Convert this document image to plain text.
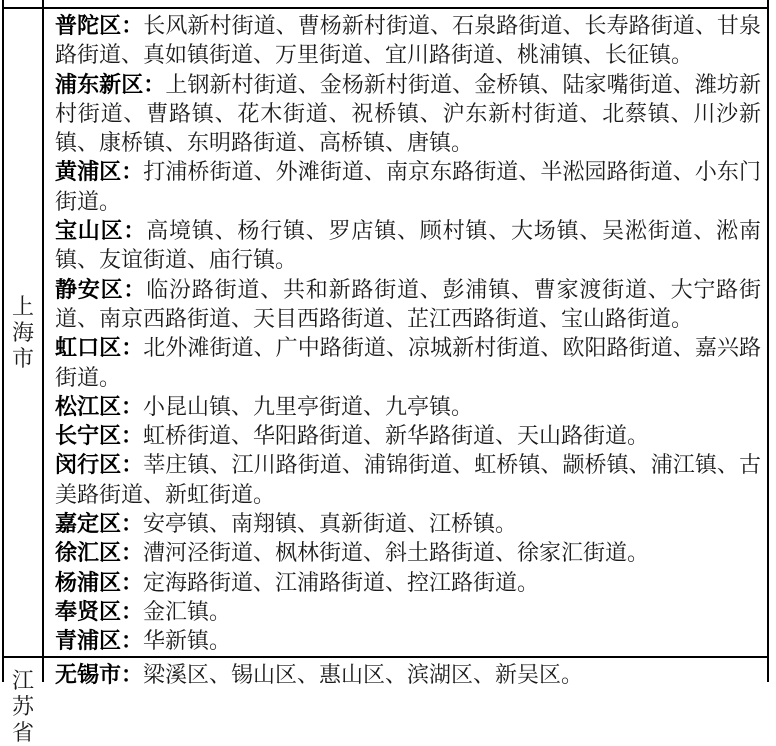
上海市

普陀区：长风新村街道、曹杨新村街道、石泉路街道、长寿路街道、甘泉路街道、真如镇街道、万里街道、宜川路街道、桃浦镇、长征镇。

浦东新区：上钢新村街道、金杨新村街道、金桥镇、陆家嘴街道、潍坊新村街道、曹路镇、花木街道、祝桥镇、沪东新村街道、北蔡镇、川沙新镇、康桥镇、东明路街道、高桥镇、唐镇。

黄浦区：打浦桥街道、外滩街道、南京东路街道、半淞园路街道、小东门街道。

宝山区：高境镇、杨行镇、罗店镇、顾村镇、大场镇、吴淞街道、淞南镇、友谊街道、庙行镇。

静安区：临汾路街道、共和新路街道、彭浦镇、曹家渡街道、大宁路街道、南京西路街道、天目西路街道、芷江西路街道、宝山路街道。

虹口区：北外滩街道、广中路街道、凉城新村街道、欧阳路街道、嘉兴路街道。

松江区：小昆山镇、九里亭街道、九亭镇。

长宁区：虹桥街道、华阳路街道、新华路街道、天山路街道。

闵行区：莘庄镇、江川路街道、浦锦街道、虹桥镇、颛桥镇、浦江镇、古美路街道、新虹街道。

嘉定区：安亭镇、南翔镇、真新街道、江桥镇。

徐汇区：漕河泾街道、枫林街道、斜土路街道、徐家汇街道。

杨浦区：定海路街道、江浦路街道、控江路街道。

奉贤区：金汇镇。

青浦区：华新镇。

江苏省

无锡市：梁溪区、锡山区、惠山区、滨湖区、新吴区。
